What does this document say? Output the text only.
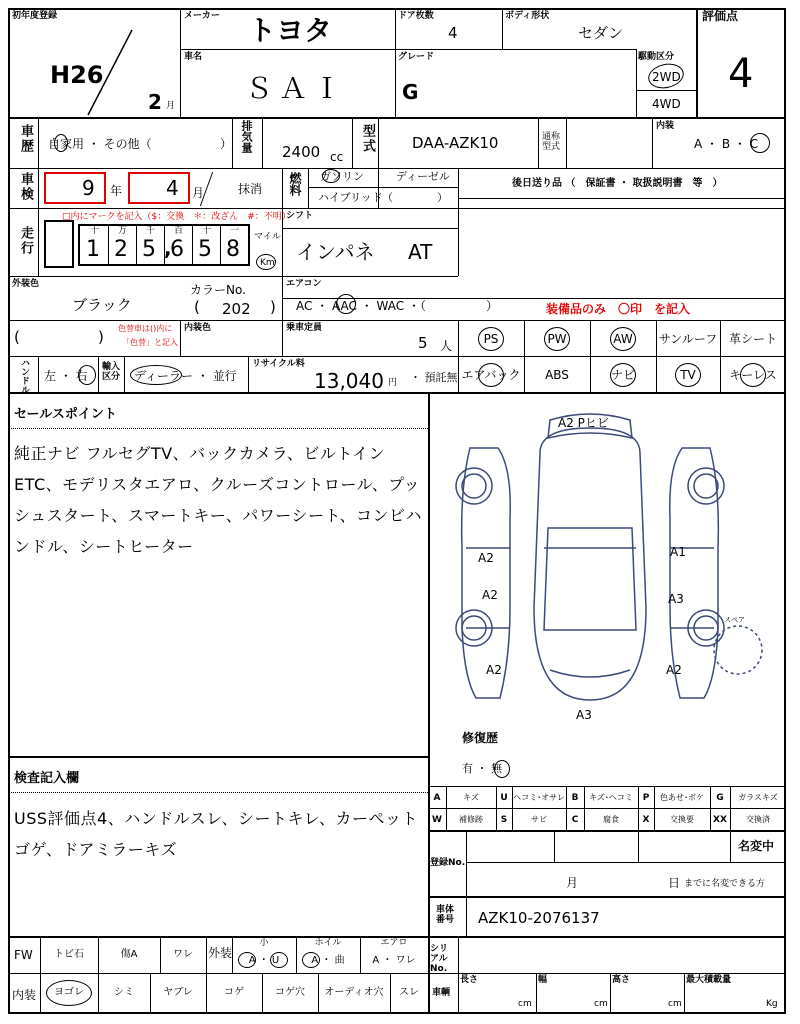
初年度登録
H26
2 月
メーカー トヨタ	ドア枚数
4
ボディ形状
セダン
評価点
4
車名
ＳＡＩ
グレード
G
駆動区分
2WD
4WD
車歴 自家用 ・ その他（	） 排気量 2400 cc
型式 DAA-AZK10	通称型式
内装
A ・ B ・ C
車検 9 年 4 月	抹消 燃料 ガソリン	ディーゼル
ハイブリッド （　　　　）
後日送り品 （　保証書 ・ 取扱説明書　等　）
走行
□内にマークを記入（$：交換　＊：改ざん　#：不明）
十
1
万
2
千
5
百
6
十
5
一
8
,	マイル
Km
シフト
インパネ AT
外装色
ブラック
カラーNo.
( 202 )
エアコン
AC ・ AAC ・ WAC ・（　　　　　）	装備品のみ　〇印　を記入
(	) 色替車は()内に
「色替」と記入
内装色	乗車定員
5 人	PS	PW	AW	サンルーフ 革シート
エアバック	ABS	ナビ	TV	キーレス
ハンドル 左 ・ 右
輸入区分 ディーラー ・ 並行
リサイクル料
13,040 円 ・ 預託無
セールスポイント
純正ナビ フルセグTV、バックカメラ、ビルトイン
ETC、モデリスタエアロ、クルーズコントロール、プッ
シュスタート、スマートキー、パワーシート、コンビハ
ンドル、シートヒーター
A2 Pヒビ
A2
A2
A2
A1
A3
A2
A3
スペア
修復歴
有 ・ 無
検査記入欄
USS評価点4、ハンドルスレ、シートキレ、カーペット
ゴゲ、ドアミラーキズ
A	キズ	U ヘコミ･オサレ B	キズ･ヘコミ	P	色あせ･ボケ	G	ガラスキズ
W	補修跡	S	サビ	C	腐食	X	交換要	XX	交換済
登録No.
名変中
月	日 までに名変できる方
車体番号	AZK10-2076137
FW	トビ石	傷A	ワレ	外装
小
A ・ U
ホイル
A ・ 曲
エアロ
A ・ ワレ
内装	ヨゴレ	シミ	ヤブレ	コゲ	コゲ穴	オーディオ穴	スレ
シリアルNo.
車輌
長さ
cm
幅
cm
高さ
cm
最大積載量
Kg
